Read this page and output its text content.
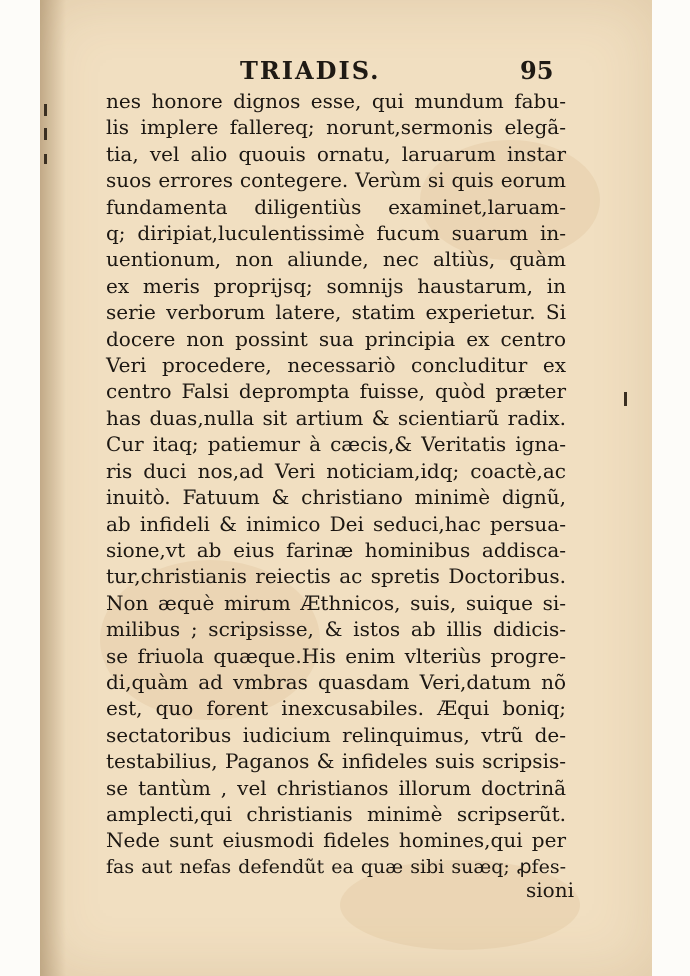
TRIADIS.	95
nes honore dignos esse, qui mundum fabu-
lis implere fallereq; norunt,sermonis elegã-
tia, vel alio quouis ornatu, laruarum instar
suos errores contegere. Verùm si quis eorum
fundamenta diligentiùs examinet,laruam-
q; diripiat,luculentissimè fucum suarum in-
uentionum, non aliunde, nec altiùs, quàm
ex meris proprijsq; somnijs haustarum, in
serie verborum latere, statim experietur. Si
docere non possint sua principia ex centro
Veri procedere, necessariò concluditur ex
centro Falsi deprompta fuisse, quòd præter
has duas,nulla sit artium & scientiarũ radix.
Cur itaq; patiemur à cæcis,& Veritatis igna-
ris duci nos,ad Veri noticiam,idq; coactè,ac
inuitò. Fatuum & christiano minimè dignũ,
ab infideli & inimico Dei seduci,hac persua-
sione,vt ab eius farinæ hominibus addisca-
tur,christianis reiectis ac spretis Doctoribus.
Non æquè mirum Æthnicos, suis, suique si-
milibus ; scripsisse, & istos ab illis didicis-
se friuola quæque.His enim vlteriùs progre-
di,quàm ad vmbras quasdam Veri,datum nõ
est, quo forent inexcusabiles. Æqui boniq;
sectatoribus iudicium relinquimus, vtrũ de-
testabilius, Paganos & infideles suis scripsis-
se tantùm , vel christianos illorum doctrinã
amplecti,qui christianis minimè scripserũt.
Nede sunt eiusmodi fideles homines,qui per
fas aut nefas defendũt ea quæ sibi suæq; ꝓfes-
sioni
